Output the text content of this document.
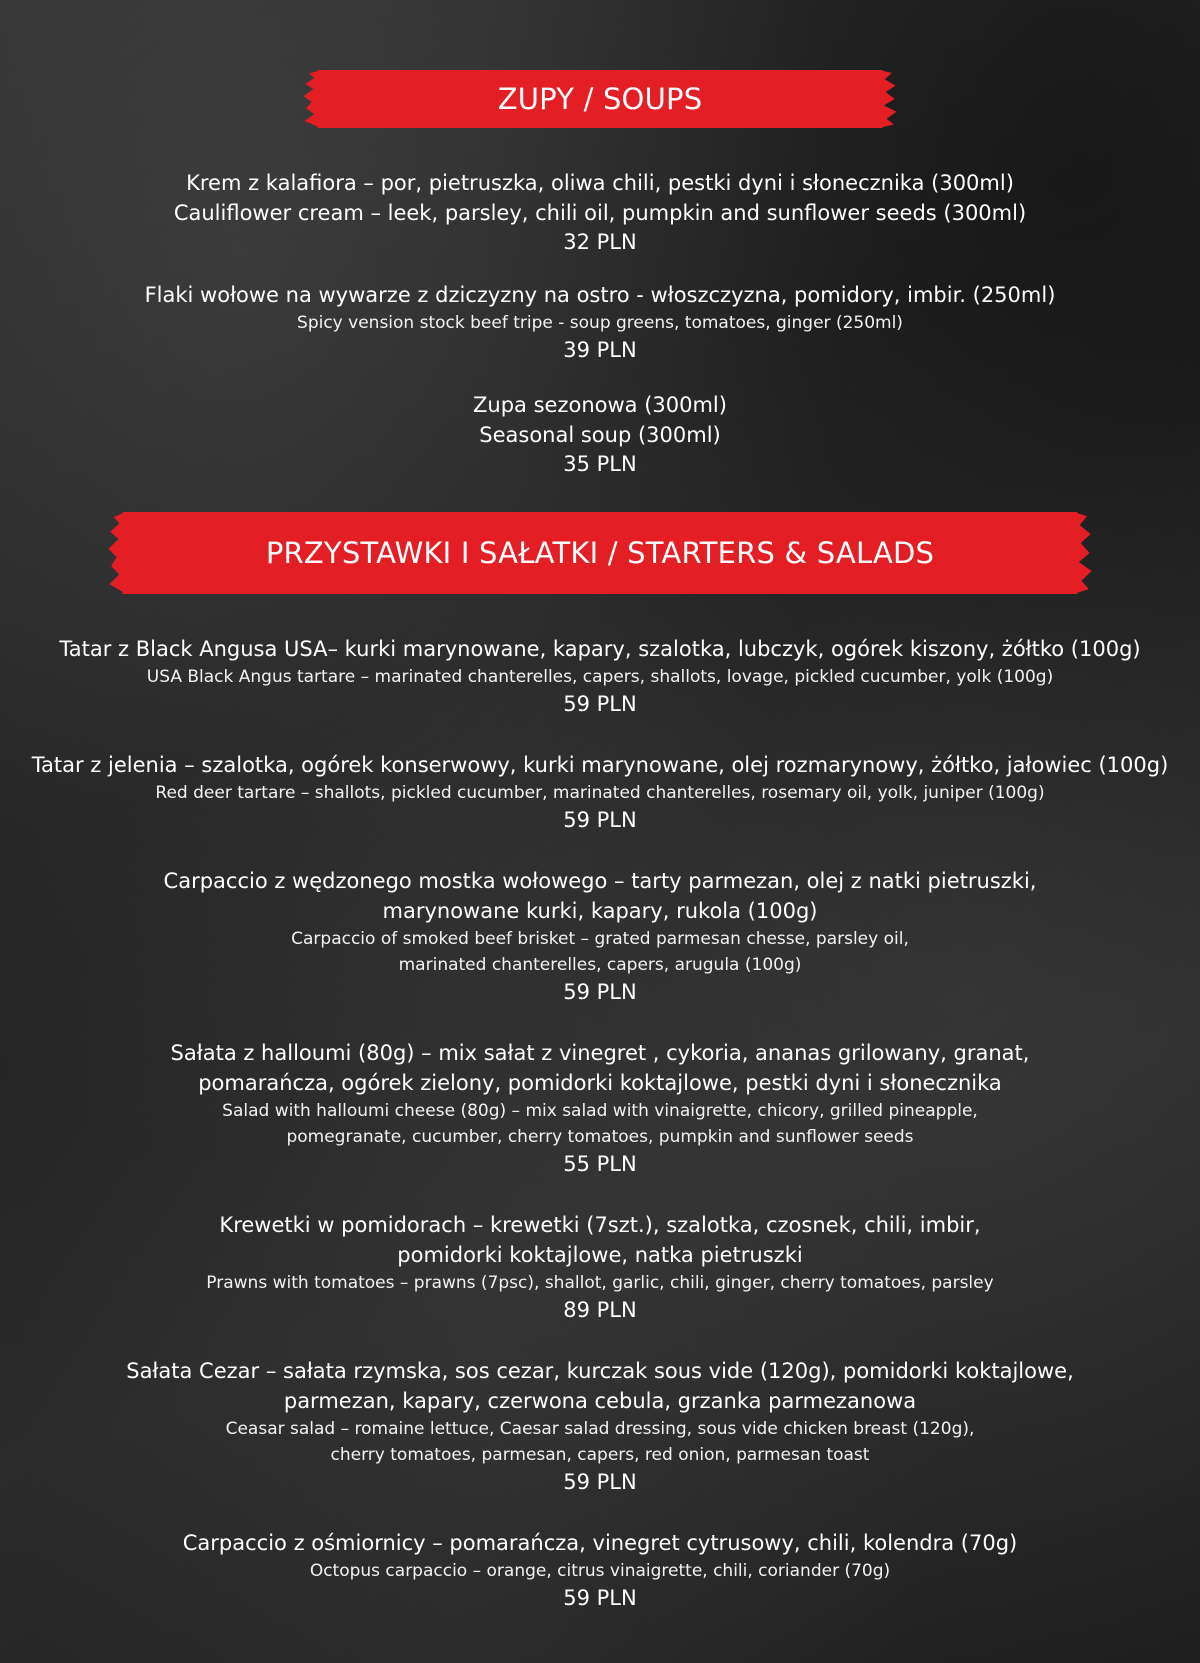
ZUPY / SOUPS
Krem z kalafiora – por, pietruszka, oliwa chili, pestki dyni i słonecznika (300ml)
Cauliflower cream – leek, parsley, chili oil, pumpkin and sunflower seeds (300ml)
32 PLN
Flaki wołowe na wywarze z dziczyzny na ostro - włoszczyzna, pomidory, imbir. (250ml)
Spicy vension stock beef tripe - soup greens, tomatoes, ginger (250ml)
39 PLN
Zupa sezonowa (300ml)
Seasonal soup (300ml)
35 PLN
PRZYSTAWKI I SAŁATKI / STARTERS & SALADS
Tatar z Black Angusa USA– kurki marynowane, kapary, szalotka, lubczyk, ogórek kiszony, żółtko (100g)
USA Black Angus tartare – marinated chanterelles, capers, shallots, lovage, pickled cucumber, yolk (100g)
59 PLN
Tatar z jelenia – szalotka, ogórek konserwowy, kurki marynowane, olej rozmarynowy, żółtko, jałowiec (100g)
Red deer tartare – shallots, pickled cucumber, marinated chanterelles, rosemary oil, yolk, juniper (100g)
59 PLN
Carpaccio z wędzonego mostka wołowego – tarty parmezan, olej z natki pietruszki,
marynowane kurki, kapary, rukola (100g)
Carpaccio of smoked beef brisket – grated parmesan chesse, parsley oil,
marinated chanterelles, capers, arugula (100g)
59 PLN
Sałata z halloumi (80g) – mix sałat z vinegret , cykoria, ananas grilowany, granat,
pomarańcza, ogórek zielony, pomidorki koktajlowe, pestki dyni i słonecznika
Salad with halloumi cheese (80g) – mix salad with vinaigrette, chicory, grilled pineapple,
pomegranate, cucumber, cherry tomatoes, pumpkin and sunflower seeds
55 PLN
Krewetki w pomidorach – krewetki (7szt.), szalotka, czosnek, chili, imbir,
pomidorki koktajlowe, natka pietruszki
Prawns with tomatoes – prawns (7psc), shallot, garlic, chili, ginger, cherry tomatoes, parsley
89 PLN
Sałata Cezar – sałata rzymska, sos cezar, kurczak sous vide (120g), pomidorki koktajlowe,
parmezan, kapary, czerwona cebula, grzanka parmezanowa
Ceasar salad – romaine lettuce, Caesar salad dressing, sous vide chicken breast (120g),
cherry tomatoes, parmesan, capers, red onion, parmesan toast
59 PLN
Carpaccio z ośmiornicy – pomarańcza, vinegret cytrusowy, chili, kolendra (70g)
Octopus carpaccio – orange, citrus vinaigrette, chili, coriander (70g)
59 PLN
